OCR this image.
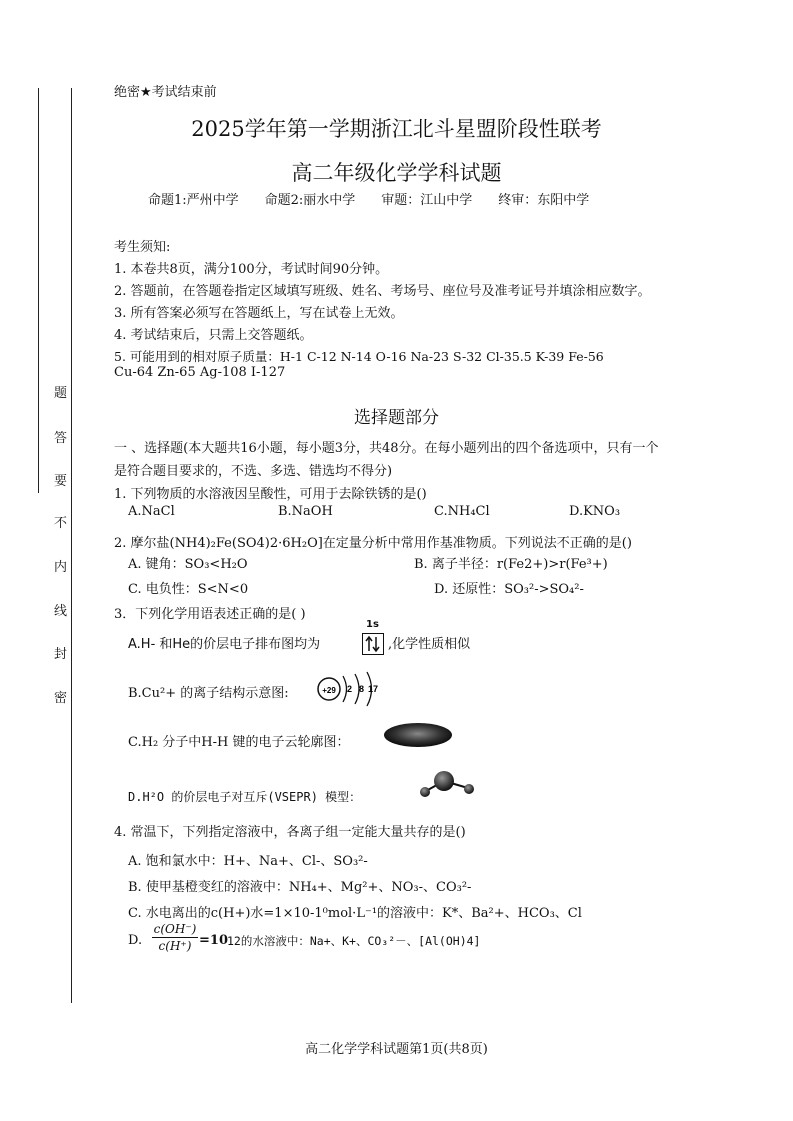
题
答
要
不
内
线
封
密
绝密★考试结束前
2025学年第一学期浙江北斗星盟阶段性联考
高二年级化学学科试题
命题1:严州中学　　命题2:丽水中学　　审题：江山中学　　终审：东阳中学
考生须知:
1. 本卷共8页，满分100分，考试时间90分钟。
2. 答题前，在答题卷指定区域填写班级、姓名、考场号、座位号及准考证号并填涂相应数字。
3. 所有答案必须写在答题纸上，写在试卷上无效。
4. 考试结束后，只需上交答题纸。
5. 可能用到的相对原子质量：H-1 C-12 N-14 O-16 Na-23 S-32 Cl-35.5 K-39 Fe-56
Cu-64 Zn-65 Ag-108 I-127
选择题部分
一 、选择题(本大题共16小题，每小题3分，共48分。在每小题列出的四个备选项中，只有一个
是符合题目要求的，不选、多选、错选均不得分)
1. 下列物质的水溶液因呈酸性，可用于去除铁锈的是()
A.NaCl	B.NaOH	C.NH₄Cl	D.KNO₃
2. 摩尔盐(NH4)₂Fe(SO4)2·6H₂O]在定量分析中常用作基准物质。下列说法不正确的是()
A. 键角：SO₃<H₂O	B. 离子半径：r(Fe2+)>r(Fe³+)
C. 电负性：S<N<0	D. 还原性：SO₃²->SO₄²-
3．下列化学用语表述正确的是( )
A.H- 和He的价层电子排布图均为
1s
,化学性质相似
B.Cu²+ 的离子结构示意图:	+29 2 8 17
C.H₂ 分子中H-H 键的电子云轮廓图：
D.H²O 的价层电子对互斥(VSEPR) 模型：
4. 常温下，下列指定溶液中，各离子组一定能大量共存的是()
A. 饱和氯水中：H+、Na+、Cl-、SO₃²-
B. 使甲基橙变红的溶液中：NH₄+、Mg²+、NO₃-、CO₃²-
C. 水电离出的c(H+)水=1×10-1⁰mol·L⁻¹的溶液中：K*、Ba²+、HCO₃、Cl
D.
c(OH⁻)
c(H⁺) =10 12的水溶液中：Na+、K+、CO₃²－、[Al(OH)4]
高二化学学科试题第1页(共8页)
